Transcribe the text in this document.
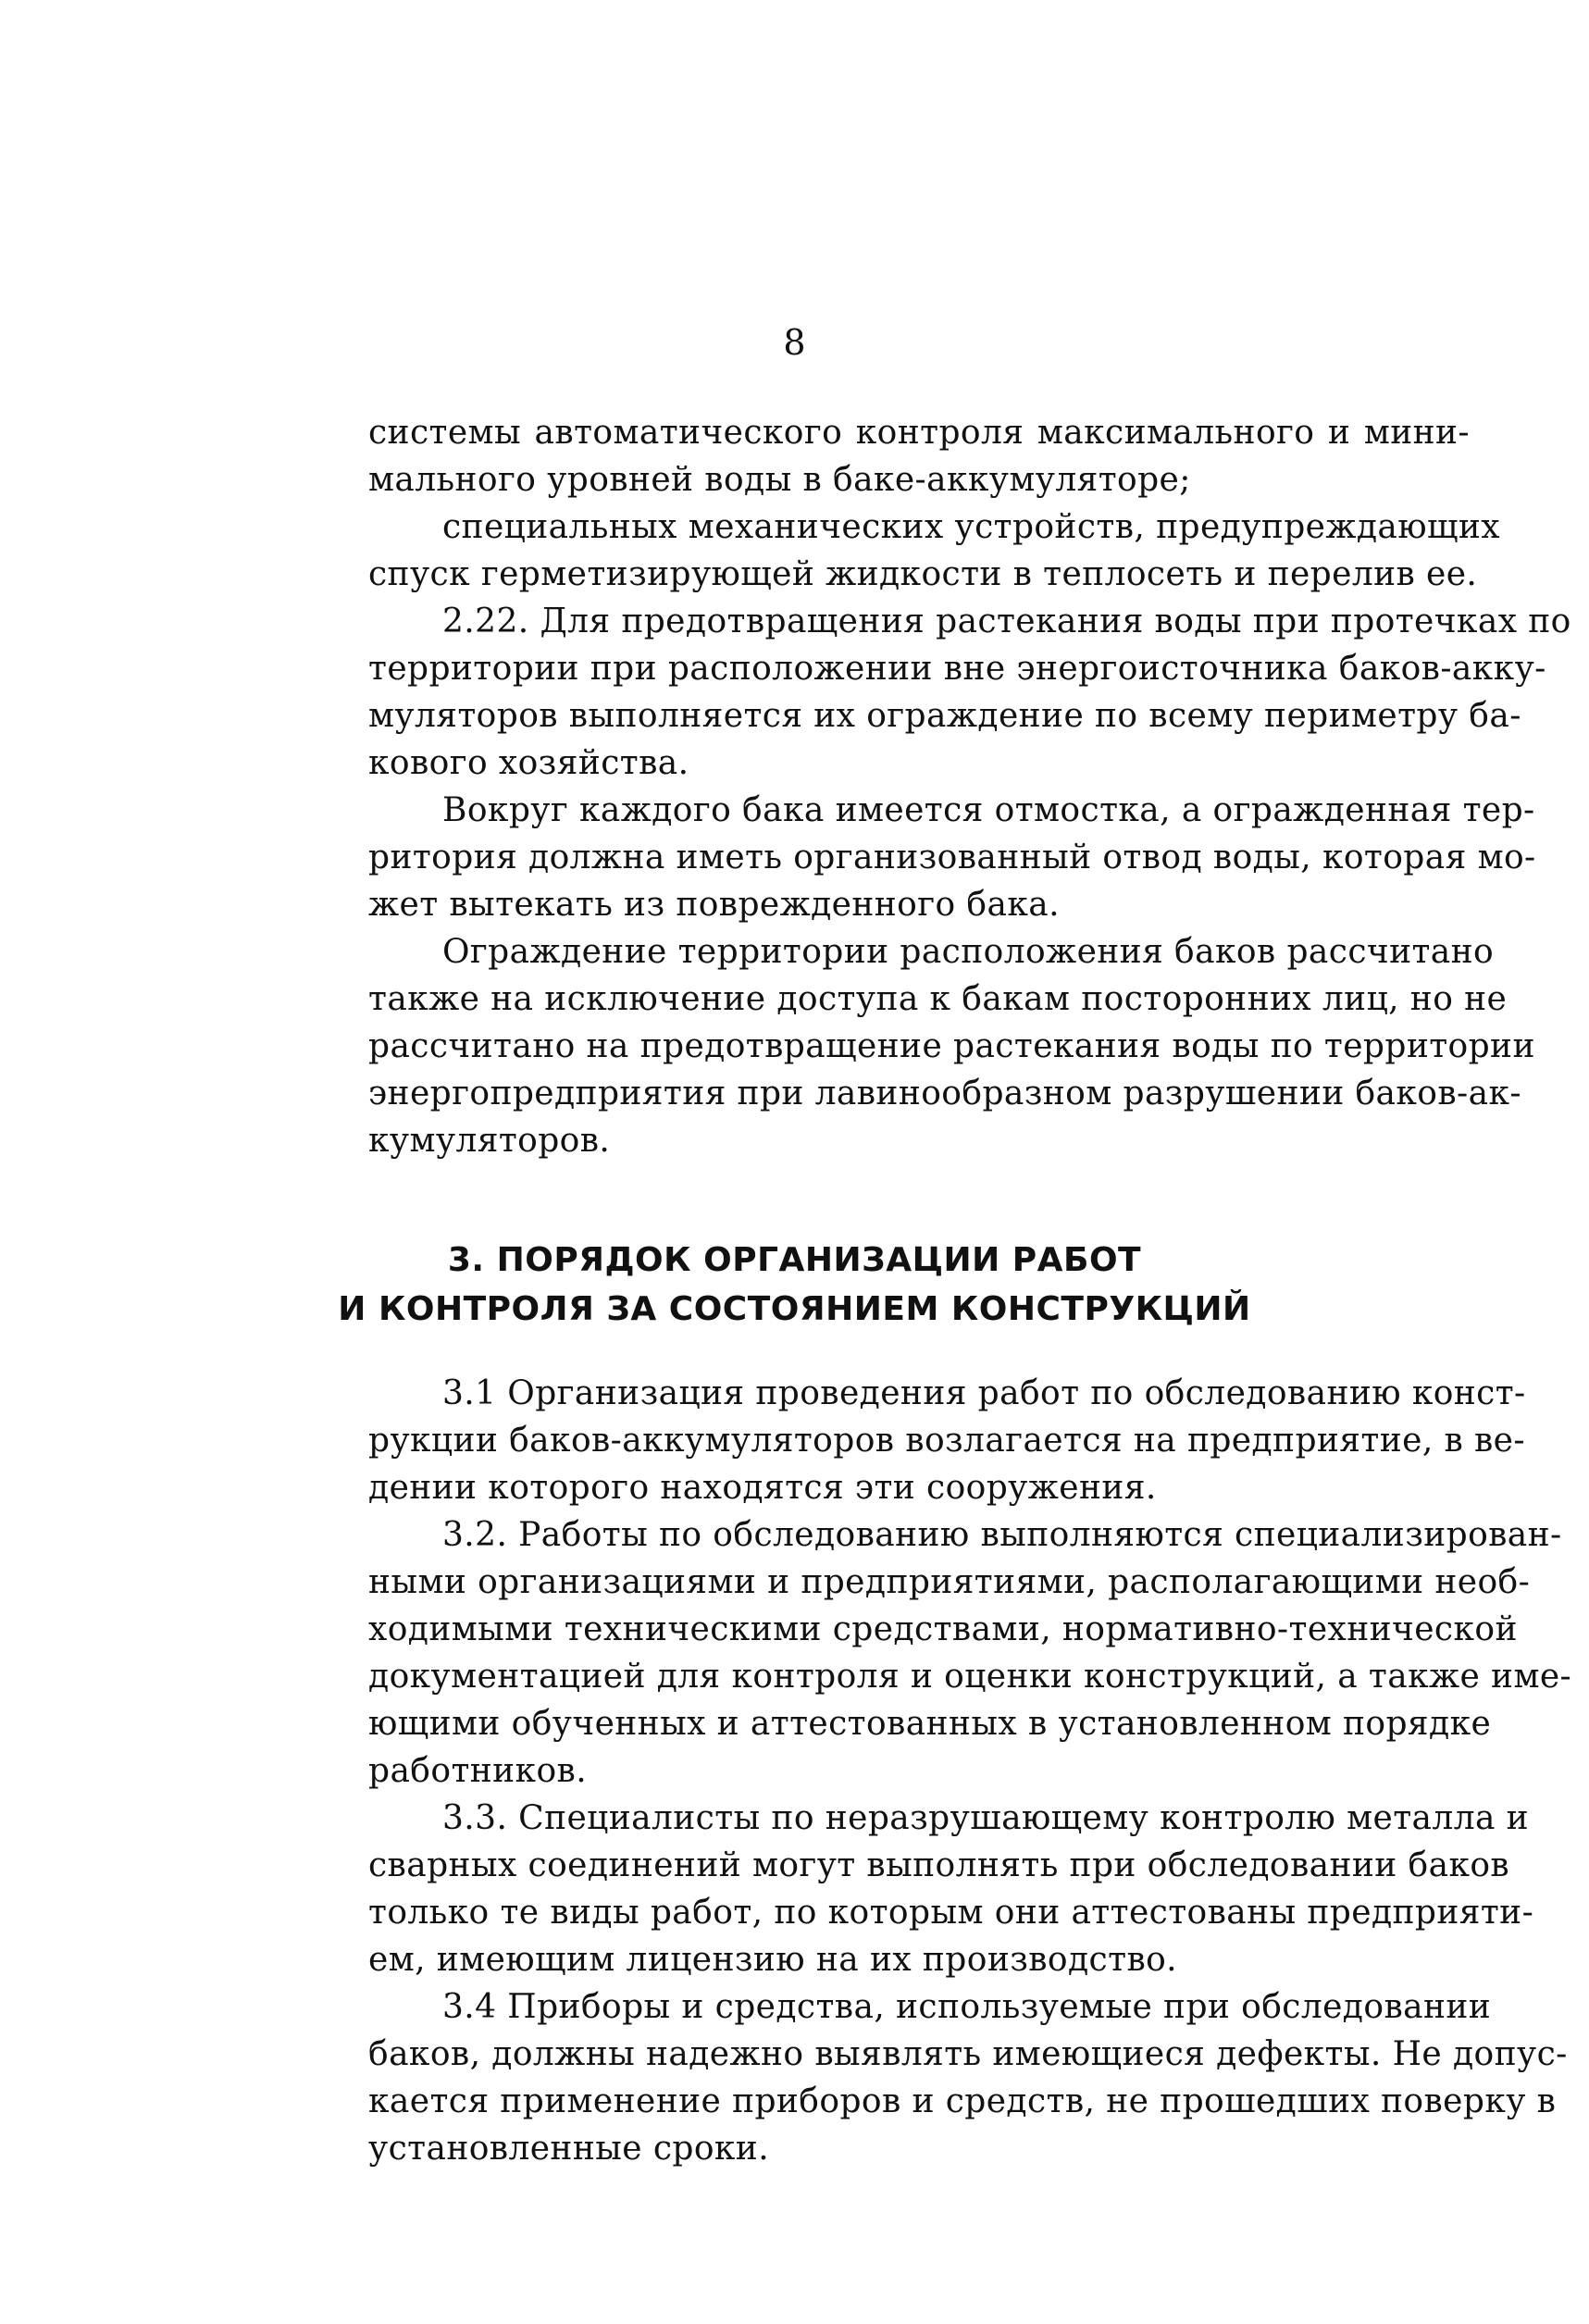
8
системы автоматического контроля максимального и мини-
мального уровней воды в баке-аккумуляторе;
специальных механических устройств, предупреждающих
спуск герметизирующей жидкости в теплосеть и перелив ее.
2.22. Для предотвращения растекания воды при протечках по
территории при расположении вне энергоисточника баков-акку-
муляторов выполняется их ограждение по всему периметру ба-
кового хозяйства.
Вокруг каждого бака имеется отмостка, а огражденная тер-
ритория должна иметь организованный отвод воды, которая мо-
жет вытекать из поврежденного бака.
Ограждение территории расположения баков рассчитано
также на исключение доступа к бакам посторонних лиц, но не
рассчитано на предотвращение растекания воды по территории
энергопредприятия при лавинообразном разрушении баков-ак-
кумуляторов.
3. ПОРЯДОК ОРГАНИЗАЦИИ РАБОТ
И КОНТРОЛЯ ЗА СОСТОЯНИЕМ КОНСТРУКЦИЙ
3.1 Организация проведения работ по обследованию конст-
рукции баков-аккумуляторов возлагается на предприятие, в ве-
дении которого находятся эти сооружения.
3.2. Работы по обследованию выполняются специализирован-
ными организациями и предприятиями, располагающими необ-
ходимыми техническими средствами, нормативно-технической
документацией для контроля и оценки конструкций, а также име-
ющими обученных и аттестованных в установленном порядке
работников.
3.3. Специалисты по неразрушающему контролю металла и
сварных соединений могут выполнять при обследовании баков
только те виды работ, по которым они аттестованы предприяти-
ем, имеющим лицензию на их производство.
3.4 Приборы и средства, используемые при обследовании
баков, должны надежно выявлять имеющиеся дефекты. Не допус-
кается применение приборов и средств, не прошедших поверку в
установленные сроки.
